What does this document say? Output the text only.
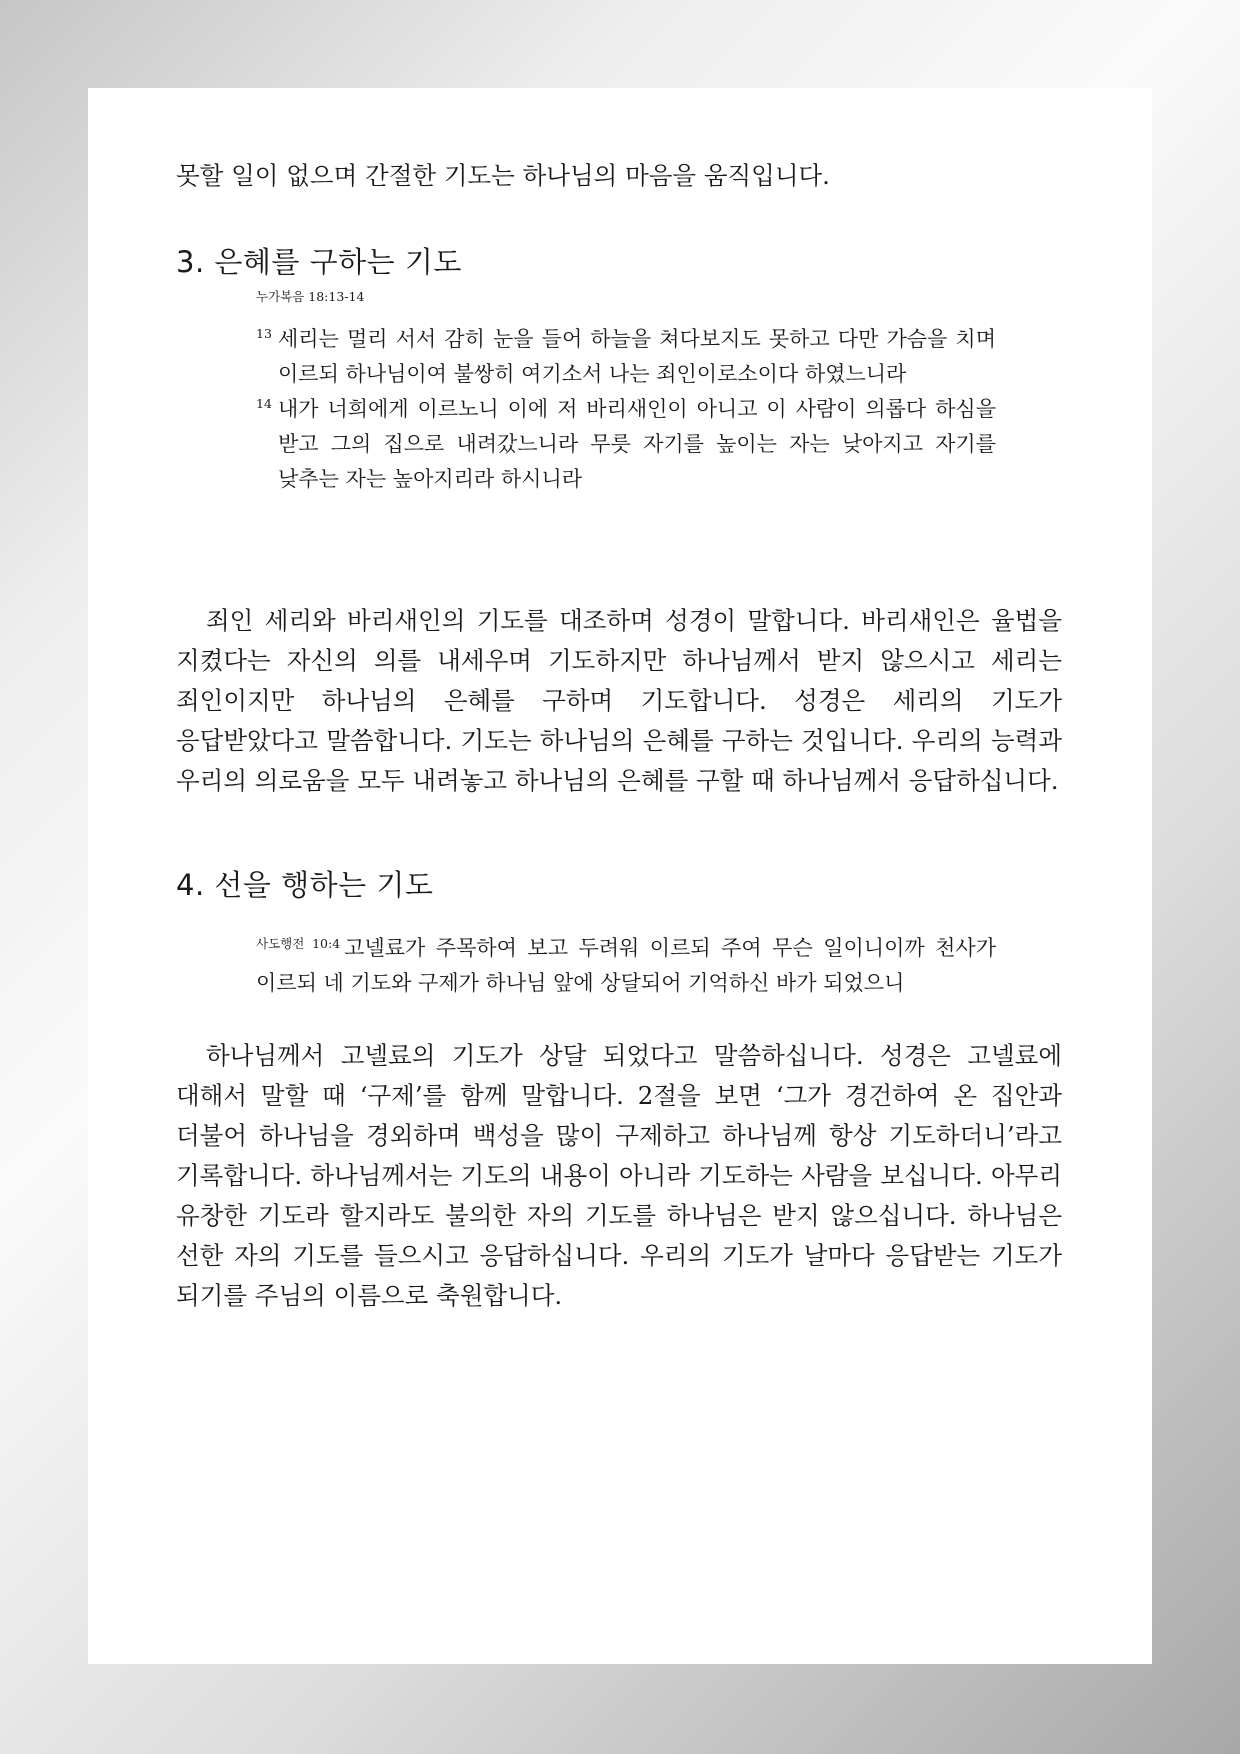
못할 일이 없으며 간절한 기도는 하나님의 마음을 움직입니다.

3. 은혜를 구하는 기도

누가복음 18:13-14

13 세리는 멀리 서서 감히 눈을 들어 하늘을 쳐다보지도 못하고 다만 가슴을 치며 이르되 하나님이여 불쌍히 여기소서 나는 죄인이로소이다 하였느니라

14 내가 너희에게 이르노니 이에 저 바리새인이 아니고 이 사람이 의롭다 하심을 받고 그의 집으로 내려갔느니라 무릇 자기를 높이는 자는 낮아지고 자기를 낮추는 자는 높아지리라 하시니라

죄인 세리와 바리새인의 기도를 대조하며 성경이 말합니다. 바리새인은 율법을 지켰다는 자신의 의를 내세우며 기도하지만 하나님께서 받지 않으시고 세리는 죄인이지만 하나님의 은혜를 구하며 기도합니다. 성경은 세리의 기도가 응답받았다고 말씀합니다. 기도는 하나님의 은혜를 구하는 것입니다. 우리의 능력과 우리의 의로움을 모두 내려놓고 하나님의 은혜를 구할 때 하나님께서 응답하십니다.

4. 선을 행하는 기도

$^{사도행전 10:4}$ 고넬료가 주목하여 보고 두려워 이르되 주여 무슨 일이니이까 천사가 이르되 네 기도와 구제가 하나님 앞에 상달되어 기억하신 바가 되었으니

하나님께서 고넬료의 기도가 상달 되었다고 말씀하십니다. 성경은 고넬료에 대해서 말할 때 ‘구제’를 함께 말합니다. 2절을 보면 ‘그가 경건하여 온 집안과 더불어 하나님을 경외하며 백성을 많이 구제하고 하나님께 항상 기도하더니’라고 기록합니다. 하나님께서는 기도의 내용이 아니라 기도하는 사람을 보십니다. 아무리 유창한 기도라 할지라도 불의한 자의 기도를 하나님은 받지 않으십니다. 하나님은 선한 자의 기도를 들으시고 응답하십니다. 우리의 기도가 날마다 응답받는 기도가 되기를 주님의 이름으로 축원합니다.
